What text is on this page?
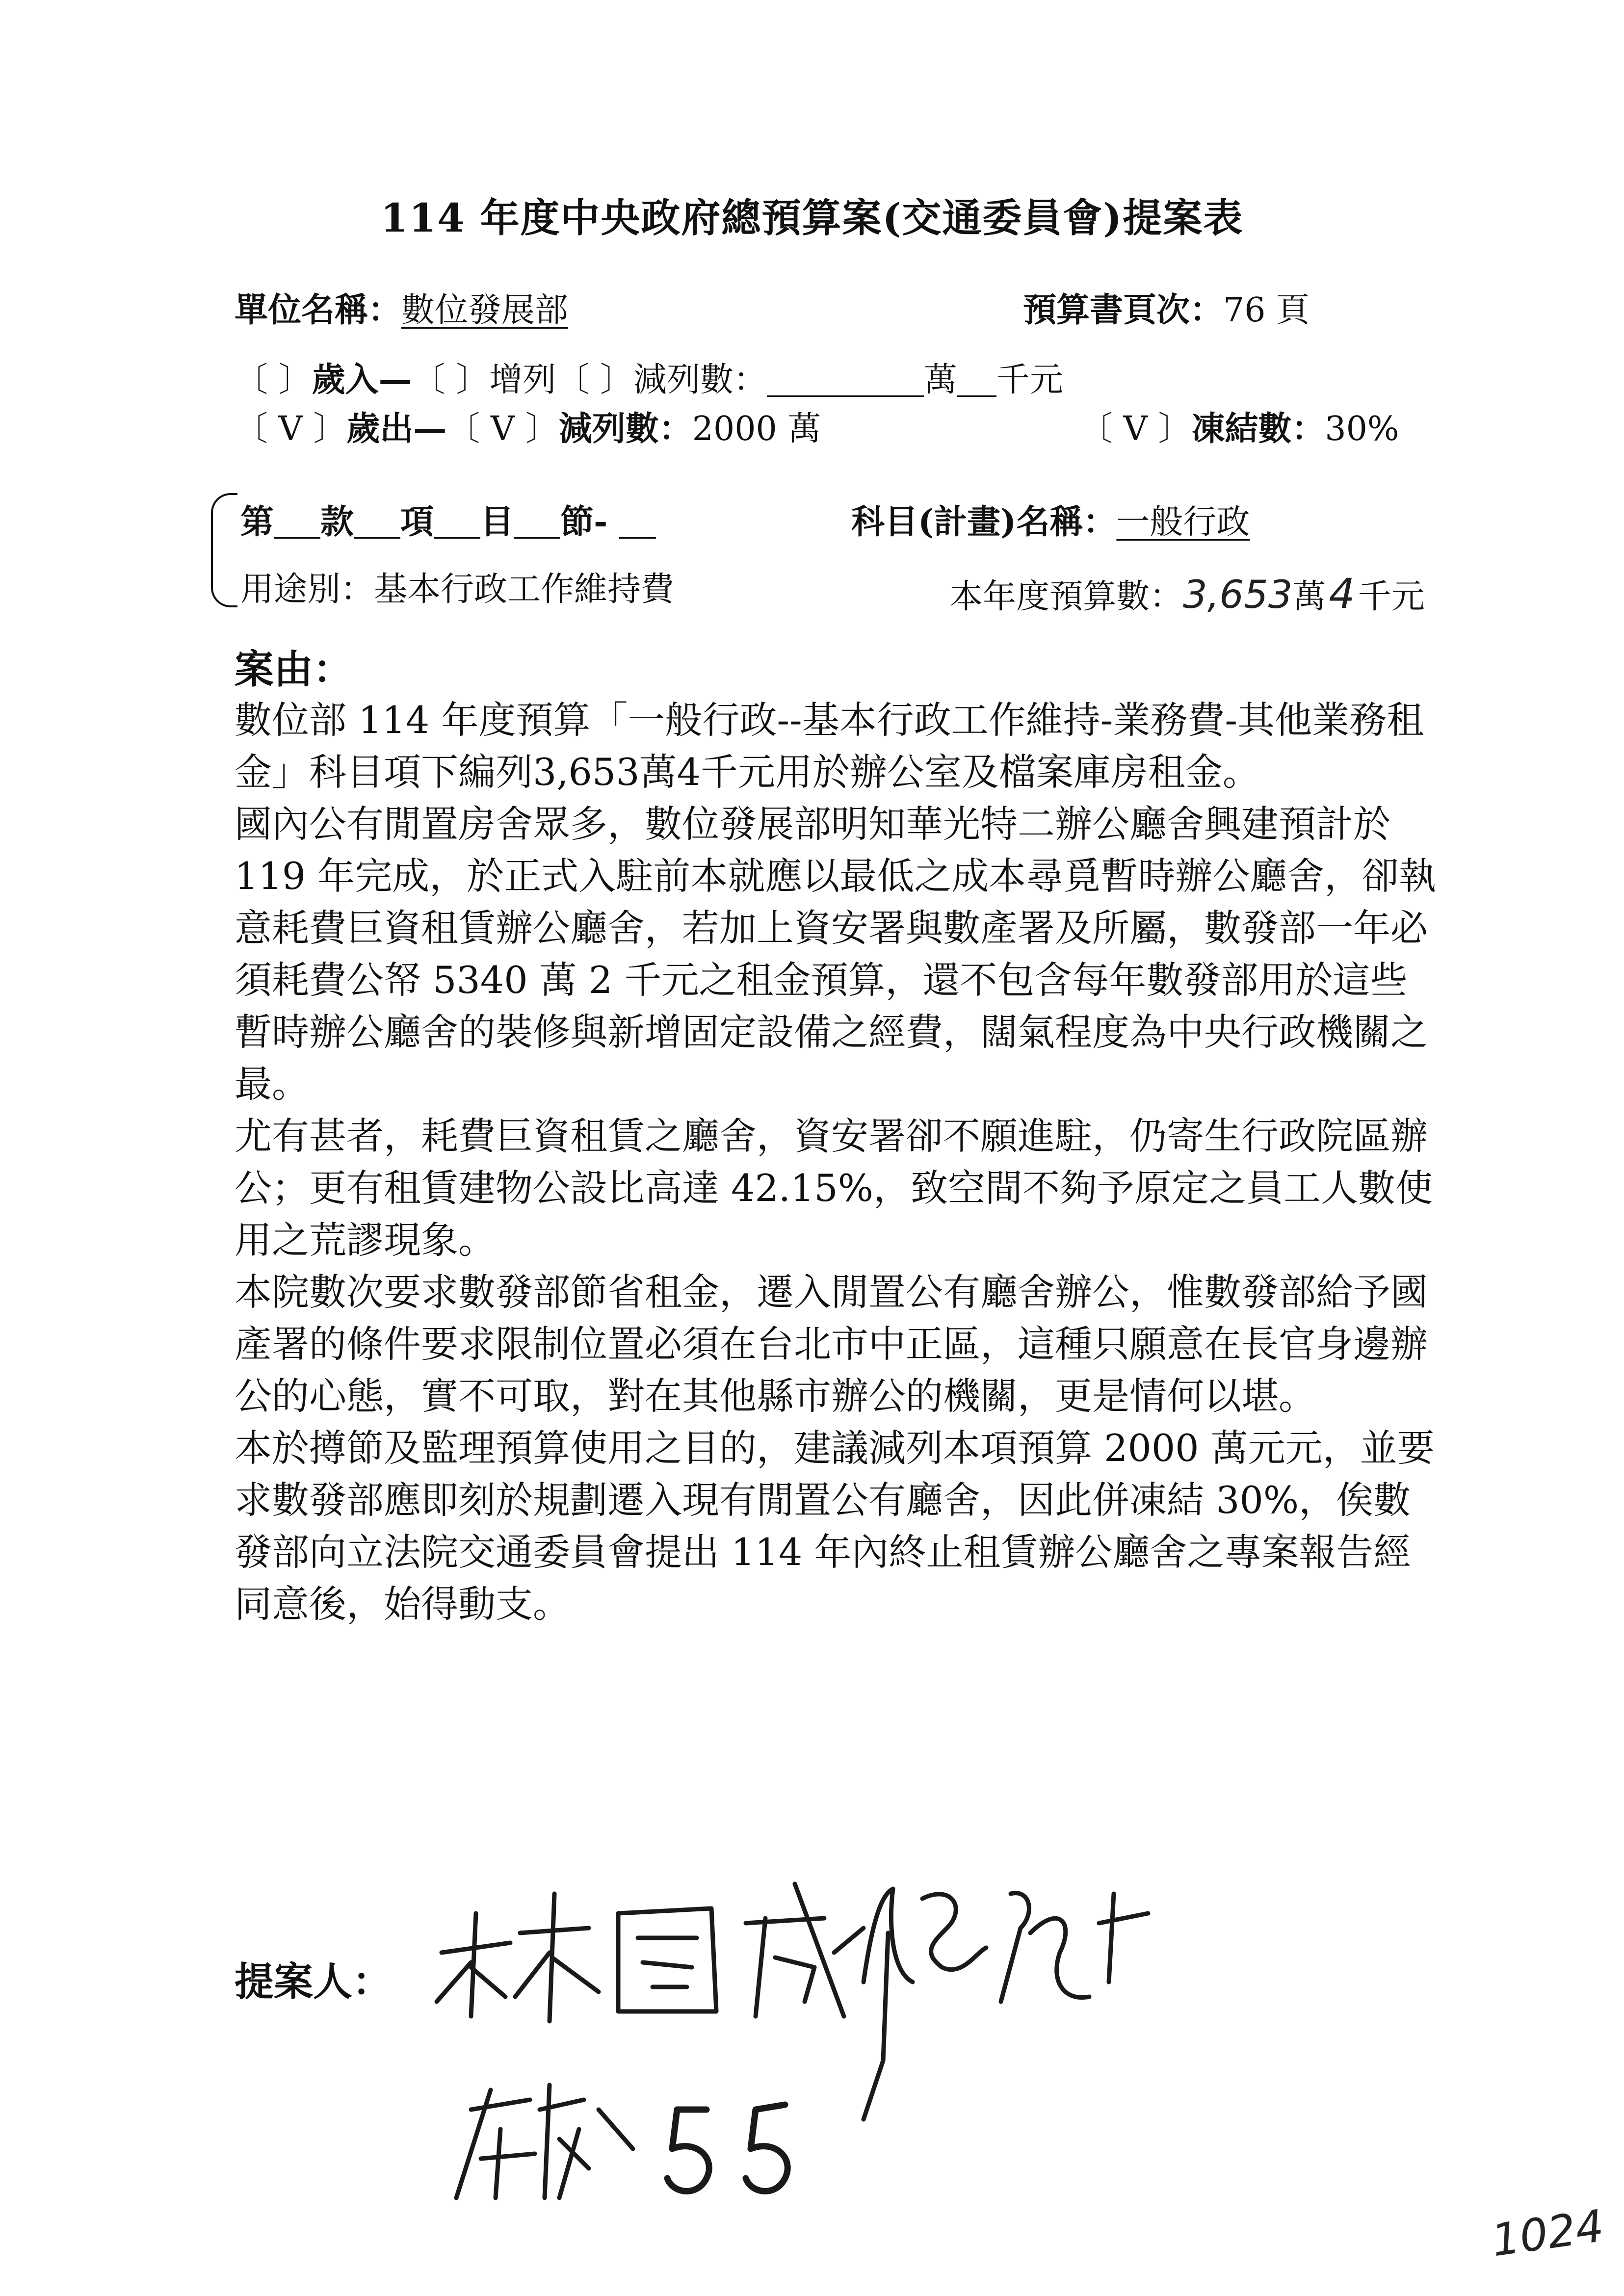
114 年度中央政府總預算案(交通委員會)提案表
單位名稱：數位發展部	預算書頁次：76 頁
〔 〕歲入—〔 〕增列〔 〕減列數：	萬 千元
〔 V 〕歲出—〔 V 〕減列數：2000 萬	〔 V 〕凍結數：30%
第 款 項 目 節-	科目(計畫)名稱：一般行政
用途別：基本行政工作維持費	本年度預算數：3,653萬4千元
案由：

數位部 114 年度預算「一般行政--基本行政工作維持-業務費-其他業務租金」科目項下編列3,653萬4千元用於辦公室及檔案庫房租金。

國內公有閒置房舍眾多，數位發展部明知華光特二辦公廳舍興建預計於 119 年完成，於正式入駐前本就應以最低之成本尋覓暫時辦公廳舍，卻執意耗費巨資租賃辦公廳舍，若加上資安署與數產署及所屬，數發部一年必須耗費公帑 5340 萬 2 千元之租金預算，還不包含每年數發部用於這些暫時辦公廳舍的裝修與新增固定設備之經費，闊氣程度為中央行政機關之最。

尤有甚者，耗費巨資租賃之廳舍，資安署卻不願進駐，仍寄生行政院區辦公；更有租賃建物公設比高達 42.15%，致空間不夠予原定之員工人數使用之荒謬現象。

本院數次要求數發部節省租金，遷入閒置公有廳舍辦公，惟數發部給予國產署的條件要求限制位置必須在台北市中正區，這種只願意在長官身邊辦公的心態，實不可取，對在其他縣市辦公的機關，更是情何以堪。

本於撙節及監理預算使用之目的，建議減列本項預算 2000 萬元元，並要求數發部應即刻於規劃遷入現有閒置公有廳舍，因此併凍結 30%，俟數發部向立法院交通委員會提出 114 年內終止租賃辦公廳舍之專案報告經同意後，始得動支。

提案人：
1024
